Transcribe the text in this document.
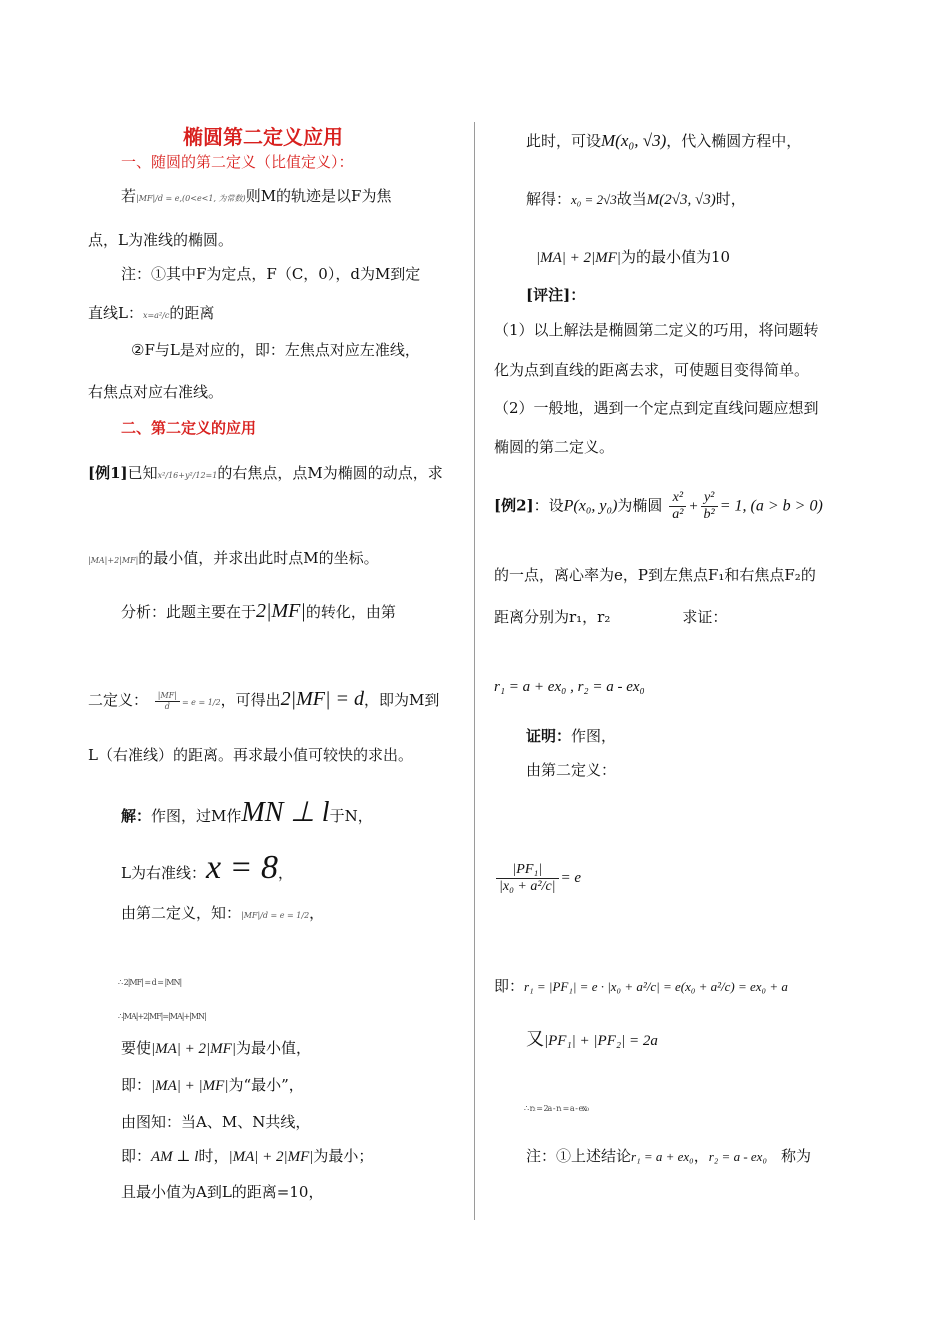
椭圆第二定义应用
一、随圆的第二定义（比值定义）：
若|MF|/d = e,(0<e<1, 为常数)则M的轨迹是以F为焦
点，L为准线的椭圆。
注：①其中F为定点，F（C，0），d为M到定
直线L：x=a²/c的距离
②F与L是对应的，即：左焦点对应左准线，
右焦点对应右准线。
二、第二定义的应用
[例1]已知x²/16+y²/12=1的右焦点，点M为椭圆的动点，求
|MA|+2|MF|的最小值，并求出此时点M的坐标。
分析：此题主要在于2|MF|的转化，由第
二定义： $\frac{|MF|}{d} = e = 1/2$，可得出2|MF| = d，即为M到
L（右准线）的距离。再求最小值可较快的求出。
解：作图，过M作MN ⊥ l于N，
L为右准线：x = 8，
由第二定义，知：|MF|/d = e = 1/2，
∴ 2|MF| = d = |MN|
∴|MA|+2|MF|=|MA|+|MN|
要使|MA| + 2|MF|为最小值，
即：|MA| + |MF|为“最小”，
由图知：当A、M、N共线，
即：AM ⊥ l时，|MA| + 2|MF|为最小；
且最小值为A到L的距离=10，
此时，可设M(x₀, √3)，代入椭圆方程中，
解得：x₀ = 2√3故当M(2√3, √3)时，
|MA| + 2|MF|为的最小值为10
[评注]：
（1）以上解法是椭圆第二定义的巧用，将问题转
化为点到直线的距离去求，可使题目变得简单。
（2）一般地，遇到一个定点到定直线问题应想到
椭圆的第二定义。
[例2]：设P(x₀, y₀)为椭圆 $\frac{\text{x²}}{\text{a²}} + \frac{\text{y²}}{\text{b²}} = 1$, (a > b > 0)
的一点，离心率为e，P到左焦点F₁和右焦点F₂的
距离分别为r₁，r₂	求证：
r₁ = a + ex₀ , r₂ = a - ex₀
证明：作图，
由第二定义：
$\frac{\text{|PF₁|}}{\text{|x₀ + a²/c|}} = e$
即：r₁ = |PF₁| = e · |x₀ + a²/c| = e(x₀ + a²/c) = ex₀ + a
又|PF₁| + |PF₂| = 2a
∴ r₂ = 2a - r₁ = a - ex₀
注：①上述结论r₁ = a + ex₀，r₂ = a - ex₀ 称为
